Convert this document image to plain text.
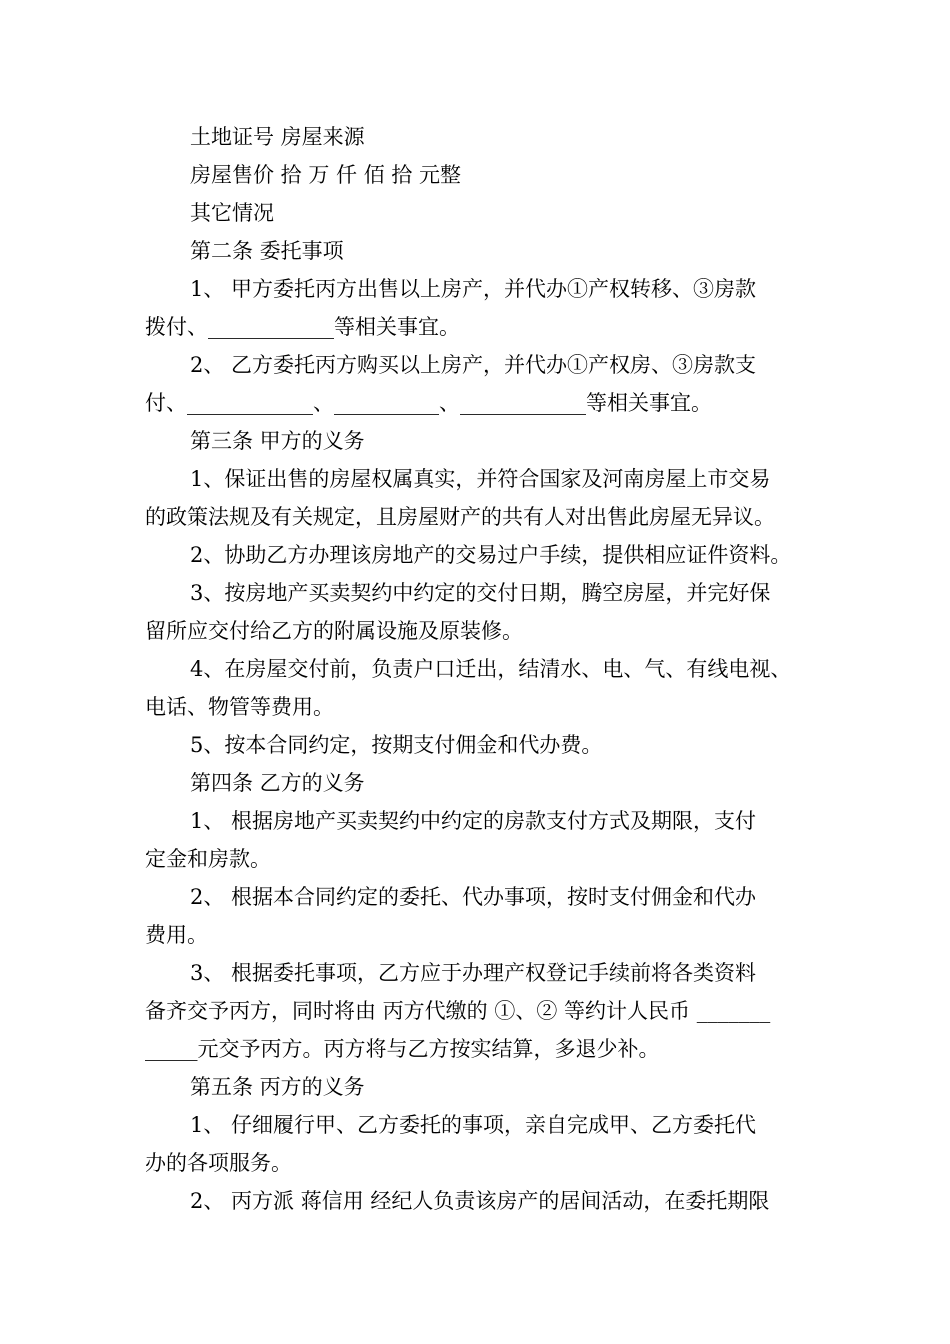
土地证号 房屋来源

房屋售价 拾 万 仟 佰 拾 元整

其它情况

第二条 委托事项

1、 甲方委托丙方出售以上房产，并代办①产权转移、③房款

拨付、____________等相关事宜。

2、 乙方委托丙方购买以上房产，并代办①产权房、③房款支

付、____________、__________、____________等相关事宜。

第三条 甲方的义务

1、保证出售的房屋权属真实，并符合国家及河南房屋上市交易

的政策法规及有关规定，且房屋财产的共有人对出售此房屋无异议。

2、协助乙方办理该房地产的交易过户手续，提供相应证件资料。

3、按房地产买卖契约中约定的交付日期，腾空房屋，并完好保

留所应交付给乙方的附属设施及原装修。

4、在房屋交付前，负责户口迁出，结清水、电、气、有线电视、

电话、物管等费用。

5、按本合同约定，按期支付佣金和代办费。

第四条 乙方的义务

1、 根据房地产买卖契约中约定的房款支付方式及期限，支付

定金和房款。

2、 根据本合同约定的委托、代办事项，按时支付佣金和代办

费用。

3、 根据委托事项，乙方应于办理产权登记手续前将各类资料

备齐交予丙方，同时将由 丙方代缴的 ①、② 等约计人民币 _______

_____元交予丙方。丙方将与乙方按实结算，多退少补。

第五条 丙方的义务

1、 仔细履行甲、乙方委托的事项，亲自完成甲、乙方委托代

办的各项服务。

2、 丙方派 蒋信用 经纪人负责该房产的居间活动，在委托期限
